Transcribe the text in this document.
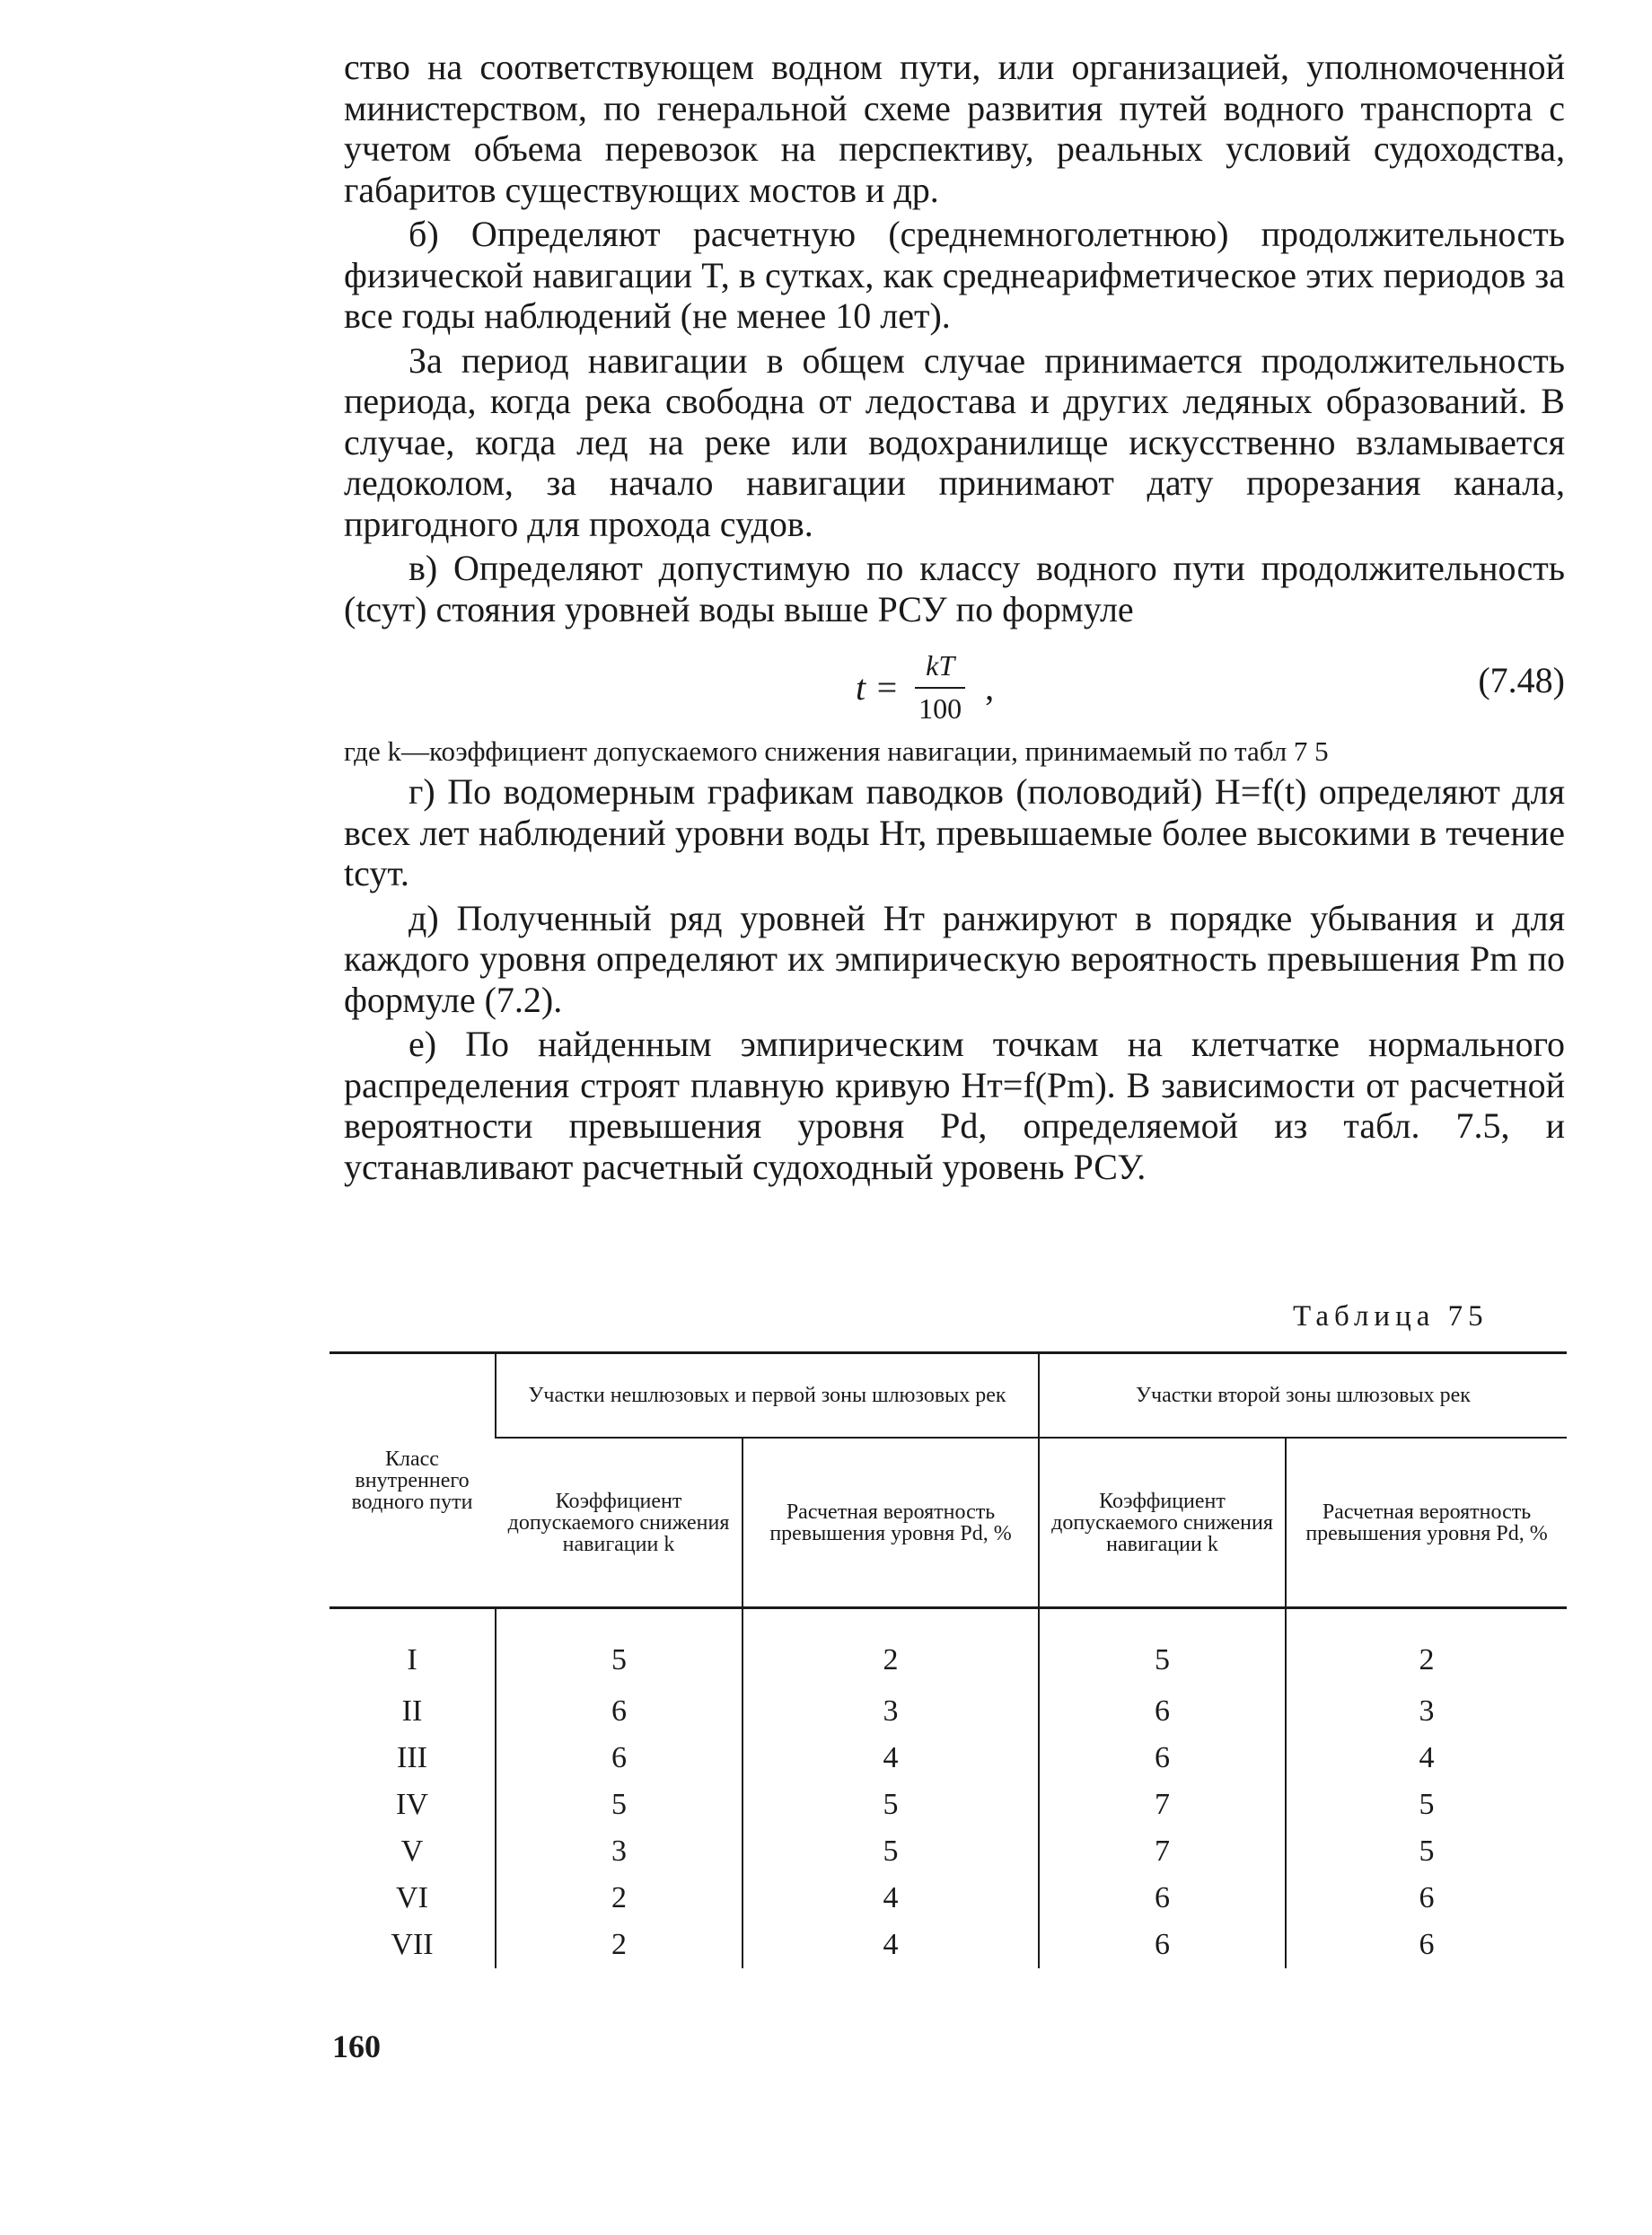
ство на соответствующем водном пути, или организацией, уполномоченной министерством, по генеральной схеме развития путей водного транспорта с учетом объема перевозок на перспективу, реальных условий судоходства, габаритов существующих мостов и др.

б) Определяют расчетную (среднемноголетнюю) продолжительность физической навигации T, в сутках, как среднеарифметическое этих периодов за все годы наблюдений (не менее 10 лет).

За период навигации в общем случае принимается продолжительность периода, когда река свободна от ледостава и других ледяных образований. В случае, когда лед на реке или водохранилище искусственно взламывается ледоколом, за начало навигации принимают дату прорезания канала, пригодного для прохода судов.

в) Определяют допустимую по классу водного пути продолжительность (tсут) стояния уровней воды выше РСУ по формуле

$t = \frac{kT}{100}$ ,	(7.48)

где k—коэффициент допускаемого снижения навигации, принимаемый по табл 7 5

г) По водомерным графикам паводков (половодий) H=f(t) определяют для всех лет наблюдений уровни воды Hт, превышаемые более высокими в течение tсут.

д) Полученный ряд уровней Hт ранжируют в порядке убывания и для каждого уровня определяют их эмпирическую вероятность превышения Pm по формуле (7.2).

е) По найденным эмпирическим точкам на клетчатке нормального распределения строят плавную кривую Hт=f(Pm). В зависимости от расчетной вероятности превышения уровня Pd, определяемой из табл. 7.5, и устанавливают расчетный судоходный уровень РСУ.

Таблица 75
Класс внутреннего водного пути	Участки нешлюзовых и первой зоны шлюзовых рек		Участки второй зоны шлюзовых рек	
	Коэффициент допускаемого снижения навигации k	Расчетная вероятность превышения уровня Pd, %	Коэффициент допускаемого снижения навигации k	Расчетная вероятность превышения уровня Pd, %
I	5	2	5	2
II	6	3	6	3
III	6	4	6	4
IV	5	5	7	5
V	3	5	7	5
VI	2	4	6	6
VII	2	4	6	6
160
